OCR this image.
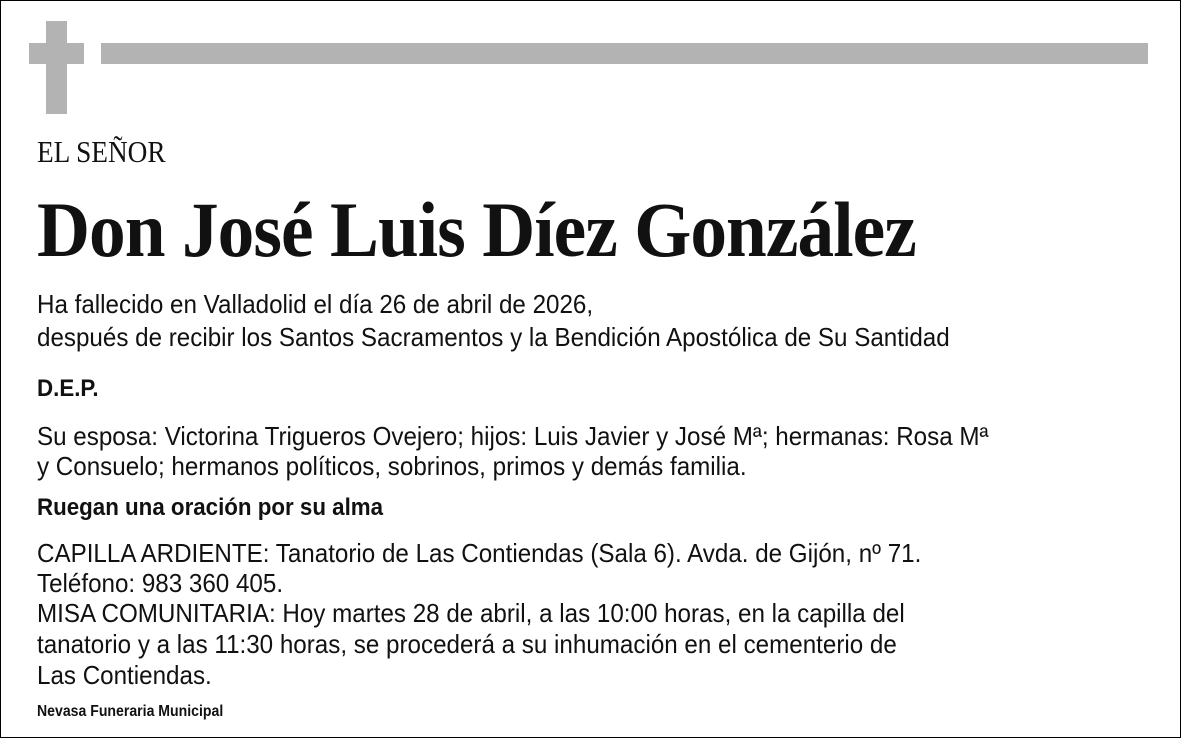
EL SEÑOR
Don José Luis Díez González
Ha fallecido en Valladolid el día 26 de abril de 2026,
después de recibir los Santos Sacramentos y la Bendición Apostólica de Su Santidad
D.E.P.
Su esposa: Victorina Trigueros Ovejero; hijos: Luis Javier y José Mª; hermanas: Rosa Mª
y Consuelo; hermanos políticos, sobrinos, primos y demás familia.
Ruegan una oración por su alma
CAPILLA ARDIENTE: Tanatorio de Las Contiendas (Sala 6). Avda. de Gijón, nº 71.
Teléfono: 983 360 405.
MISA COMUNITARIA: Hoy martes 28 de abril, a las 10:00 horas, en la capilla del
tanatorio y a las 11:30 horas, se procederá a su inhumación en el cementerio de
Las Contiendas.
Nevasa Funeraria Municipal
